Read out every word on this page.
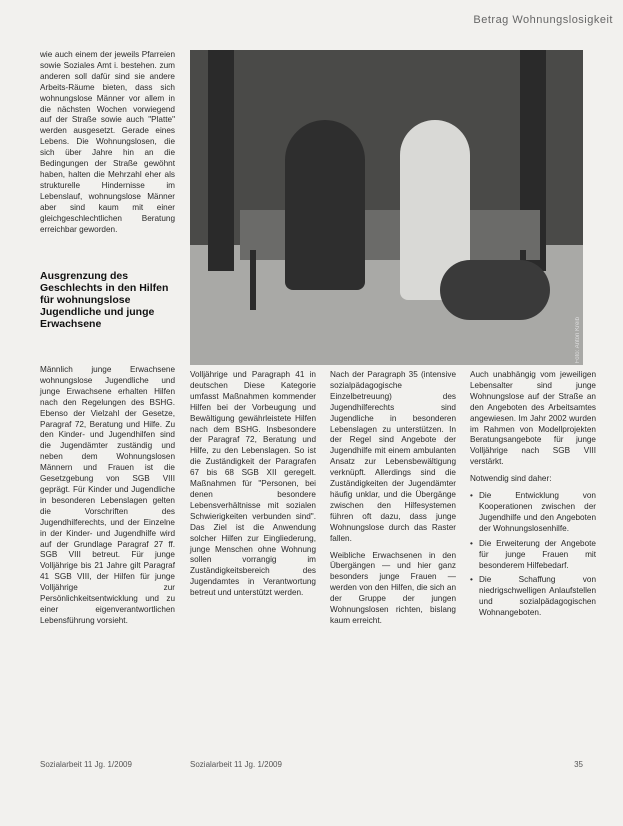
Betrag Wohnungslosigkeit

wie auch einem der jeweils Pfarreien sowie Soziales Amt i. bestehen. zum anderen soll dafür sind sie andere Arbeits-Räume bieten, dass sich wohnungslose Männer vor allem in die nächsten Wochen vorwiegend auf der Straße sowie auch "Platte" werden ausgesetzt. Gerade eines Lebens. Die Wohnungslosen, die sich über Jahre hin an die Bedingungen der Straße gewöhnt haben, halten die Mehrzahl eher als strukturelle Hindernisse im Lebenslauf, wohnungslose Männer aber sind kaum mit einer gleichgeschlechtlichen Beratung erreichbar geworden.

Ausgrenzung des Geschlechts in den Hilfen für wohnungslose Jugendliche und junge Erwachsene

Männlich junge Erwachsene wohnungslose Jugendliche und junge Erwachsene erhalten Hilfen nach den Regelungen des BSHG. Ebenso der Vielzahl der Gesetze, Paragraf 72, Beratung und Hilfe. Zu den Kinder- und Jugendhilfen sind die Jugendämter zuständig und neben dem Wohnungslosen Männern und Frauen ist die Gesetzgebung von SGB VIII geprägt. Für Kinder und Jugendliche in besonderen Lebenslagen gelten die Vorschriften des Jugendhilferechts, und der Einzelne in der Kinder- und Jugendhilfe wird auf der Grundlage Paragraf 27 ff. SGB VIII betreut. Für junge Volljährige bis 21 Jahre gilt Paragraf 41 SGB VIII, der Hilfen für junge Volljährige zur Persönlichkeitsentwicklung und zu einer eigenverantwortlichen Lebensführung vorsieht.

Foto: Anton Kreib

Volljährige und Paragraph 41 in deutschen Diese Kategorie umfasst Maßnahmen kommender Hilfen bei der Vorbeugung und Bewältigung gewährleistete Hilfen nach dem BSHG. Insbesondere der Paragraf 72, Beratung und Hilfe, zu den Lebenslagen. So ist die Zuständigkeit der Paragrafen 67 bis 68 SGB XII geregelt. Maßnahmen für "Personen, bei denen besondere Lebensverhältnisse mit sozialen Schwierigkeiten verbunden sind". Das Ziel ist die Anwendung solcher Hilfen zur Eingliederung, junge Menschen ohne Wohnung sollen vorrangig im Zuständigkeitsbereich des Jugendamtes in Verantwortung betreut und unterstützt werden.

Nach der Paragraph 35 (intensive sozialpädagogische Einzelbetreuung) des Jugendhilferechts sind Jugendliche in besonderen Lebenslagen zu unterstützen. In der Regel sind Angebote der Jugendhilfe mit einem ambulanten Ansatz zur Lebensbewältigung verknüpft. Allerdings sind die Zuständigkeiten der Jugendämter häufig unklar, und die Übergänge zwischen den Hilfesystemen führen oft dazu, dass junge Wohnungslose durch das Raster fallen.

Weibliche Erwachsenen in den Übergängen — und hier ganz besonders junge Frauen — werden von den Hilfen, die sich an der Gruppe der jungen Wohnungslosen richten, bislang kaum erreicht.

Auch unabhängig vom jeweiligen Lebensalter sind junge Wohnungslose auf der Straße an den Angeboten des Arbeitsamtes angewiesen. Im Jahr 2002 wurden im Rahmen von Modellprojekten Beratungsangebote für junge Volljährige nach SGB VIII verstärkt.

Notwendig sind daher:

• Die Entwicklung von Kooperationen zwischen der Jugendhilfe und den Angeboten der Wohnungslosenhilfe.
• Die Erweiterung der Angebote für junge Frauen mit besonderem Hilfebedarf.
• Die Schaffung von niedrigschwelligen Anlaufstellen und sozialpädagogischen Wohnangeboten.
Sozialarbeit 11 Jg. 1/2009	Sozialarbeit 11 Jg. 1/2009	35
